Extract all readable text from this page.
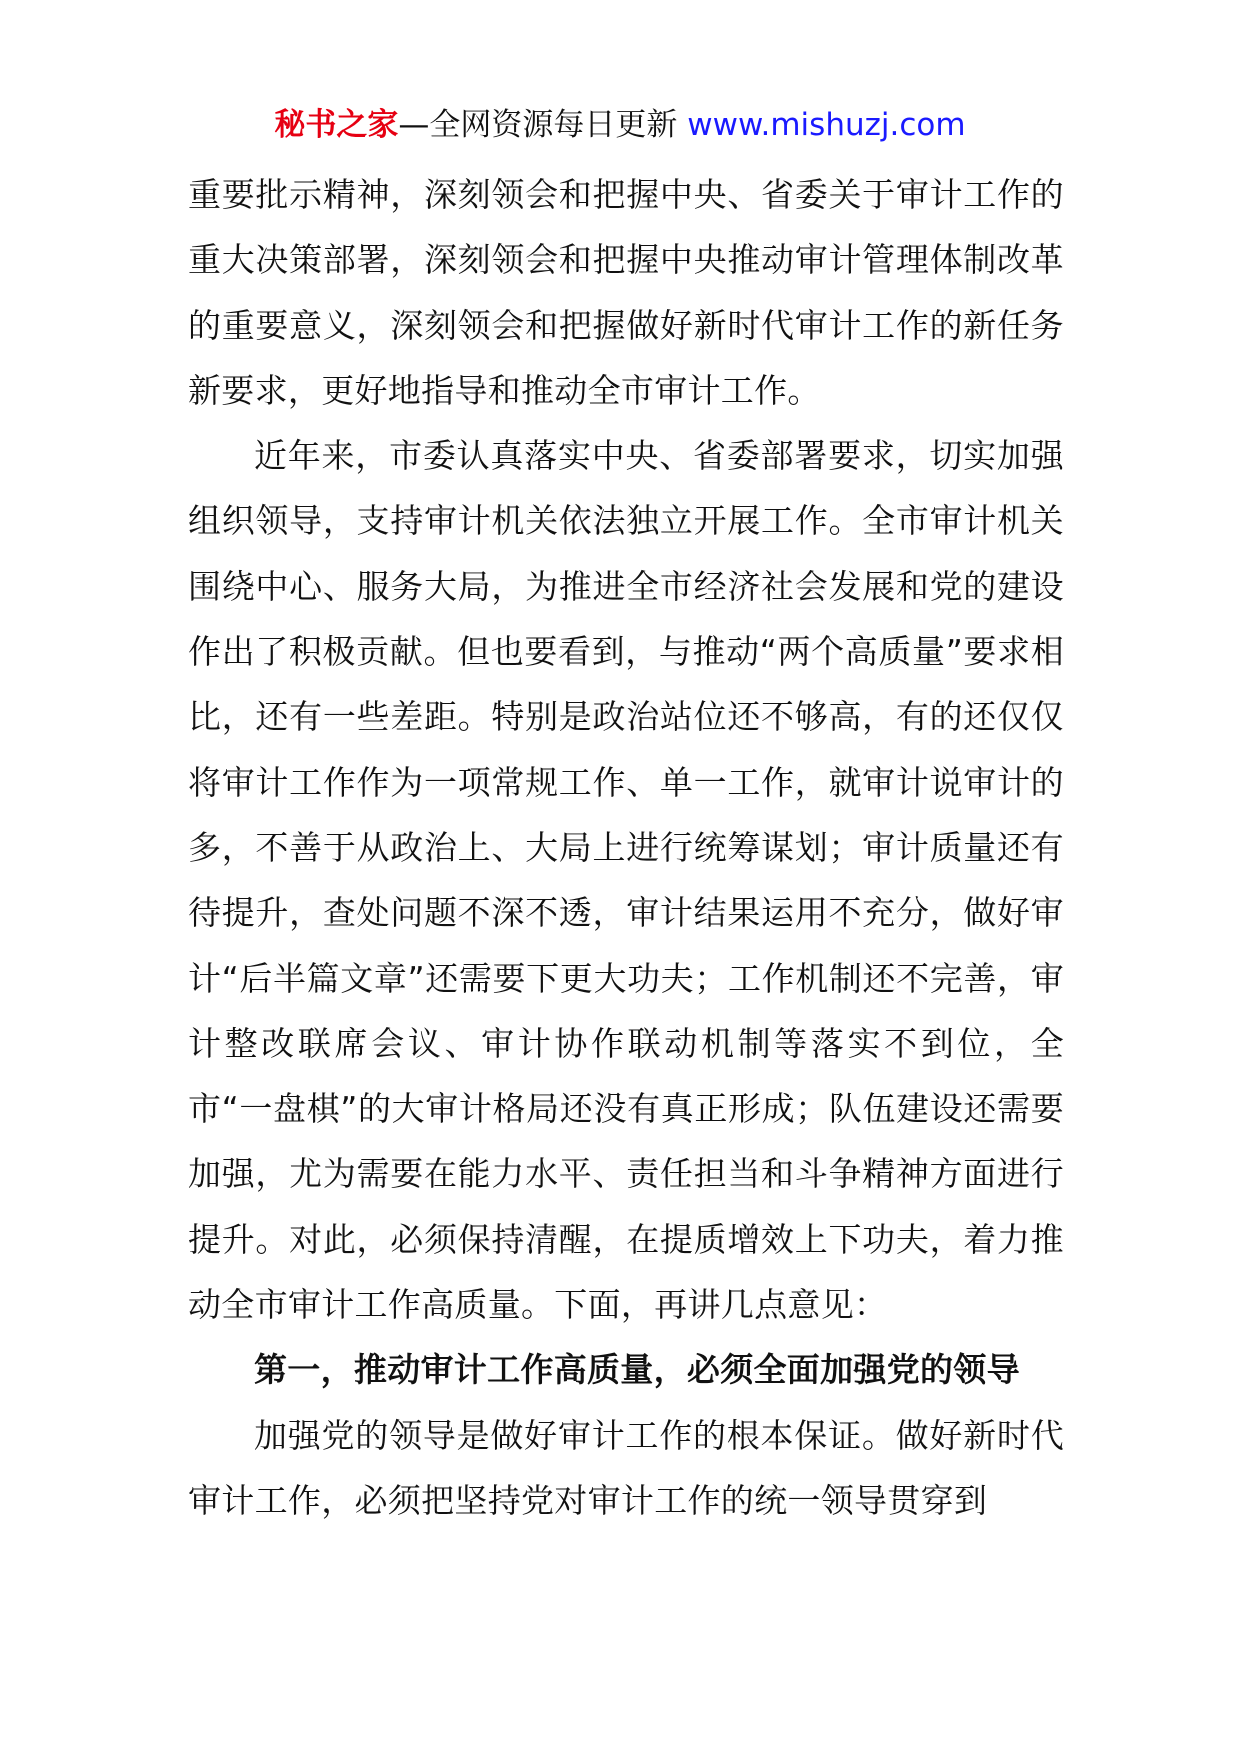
秘书之家—全网资源每日更新 www.mishuzj.com

重要批示精神，深刻领会和把握中央、省委关于审计工作的重大决策部署，深刻领会和把握中央推动审计管理体制改革的重要意义，深刻领会和把握做好新时代审计工作的新任务新要求，更好地指导和推动全市审计工作。

近年来，市委认真落实中央、省委部署要求，切实加强组织领导，支持审计机关依法独立开展工作。全市审计机关围绕中心、服务大局，为推进全市经济社会发展和党的建设作出了积极贡献。但也要看到，与推动“两个高质量”要求相比，还有一些差距。特别是政治站位还不够高，有的还仅仅将审计工作作为一项常规工作、单一工作，就审计说审计的多，不善于从政治上、大局上进行统筹谋划；审计质量还有待提升，查处问题不深不透，审计结果运用不充分，做好审计“后半篇文章”还需要下更大功夫；工作机制还不完善，审计整改联席会议、审计协作联动机制等落实不到位，全市“一盘棋”的大审计格局还没有真正形成；队伍建设还需要加强，尤为需要在能力水平、责任担当和斗争精神方面进行提升。对此，必须保持清醒，在提质增效上下功夫，着力推动全市审计工作高质量。下面，再讲几点意见：

第一，推动审计工作高质量，必须全面加强党的领导

加强党的领导是做好审计工作的根本保证。做好新时代审计工作，必须把坚持党对审计工作的统一领导贯穿到
